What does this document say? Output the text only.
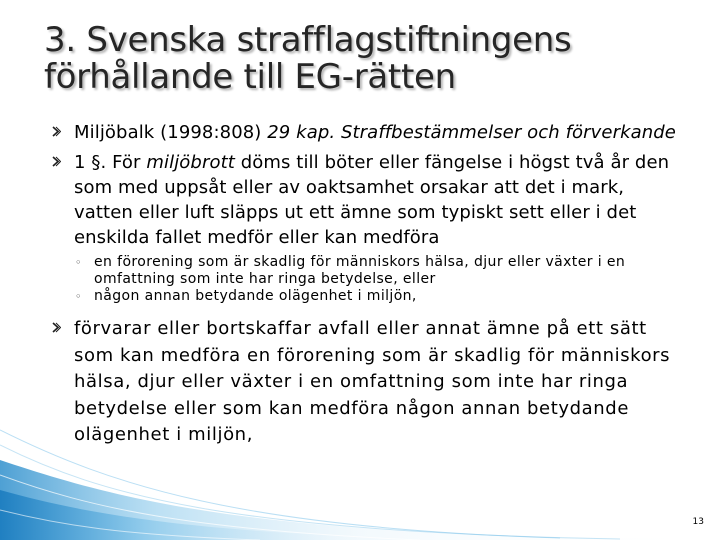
3. Svenska strafflagstiftningens förhållande till EG-rätten
Miljöbalk (1998:808) 29 kap. Straffbestämmelser och förverkande
1 §. För miljöbrott döms till böter eller fängelse i högst två år den som med uppsåt eller av oaktsamhet orsakar att det i mark, vatten eller luft släpps ut ett ämne som typiskt sett eller i det enskilda fallet medför eller kan medföra
◦ en förorening som är skadlig för människors hälsa, djur eller växter i en omfattning som inte har ringa betydelse, eller
◦ någon annan betydande olägenhet i miljön,
förvarar eller bortskaffar avfall eller annat ämne på ett sätt som kan medföra en förorening som är skadlig för människors hälsa, djur eller växter i en omfattning som inte har ringa betydelse eller som kan medföra någon annan betydande olägenhet i miljön,
13
